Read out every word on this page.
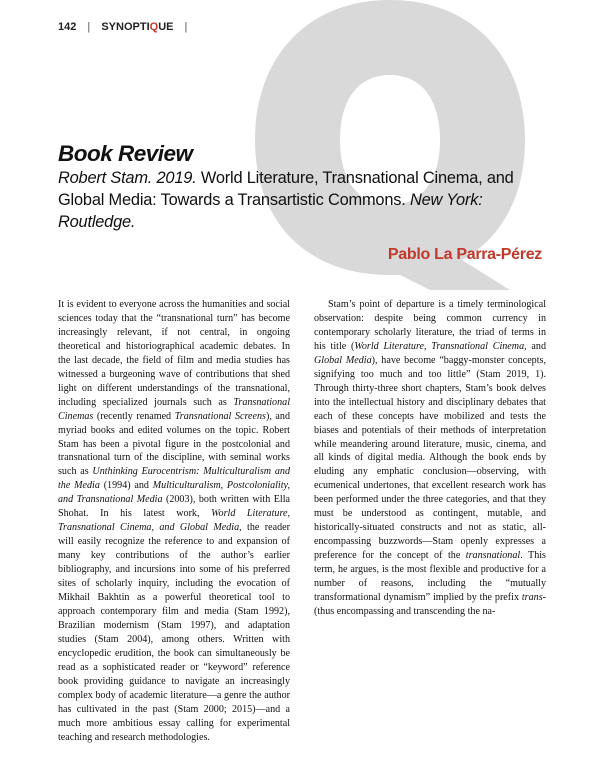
142 | SYNOPTIQUE |
Book Review
Robert Stam. 2019. World Literature, Transnational Cinema, and Global Media: Towards a Transartistic Commons. New York: Routledge.
Pablo La Parra-Pérez

It is evident to everyone across the humanities and social sciences today that the “transnational turn” has become increasingly relevant, if not central, in ongoing theoretical and historiographical academic debates. In the last decade, the field of film and media studies has witnessed a burgeoning wave of contributions that shed light on different understandings of the transnational, including specialized journals such as Transnational Cinemas (recently renamed Transnational Screens), and myriad books and edited volumes on the topic. Robert Stam has been a pivotal figure in the postcolonial and transnational turn of the discipline, with seminal works such as Unthinking Eurocentrism: Multiculturalism and the Media (1994) and Multiculturalism, Postcoloniality, and Transnational Media (2003), both written with Ella Shohat. In his latest work, World Literature, Transnational Cinema, and Global Media, the reader will easily recognize the reference to and expansion of many key contributions of the author’s earlier bibliography, and incursions into some of his preferred sites of scholarly inquiry, including the evocation of Mikhail Bakhtin as a powerful theoretical tool to approach contemporary film and media (Stam 1992), Brazilian modernism (Stam 1997), and adaptation studies (Stam 2004), among others. Written with encyclopedic erudition, the book can simultaneously be read as a sophisticated reader or “keyword” reference book providing guidance to navigate an increasingly complex body of academic literature—a genre the author has cultivated in the past (Stam 2000; 2015)—and a much more ambitious essay calling for experimental teaching and research methodologies.

Stam’s point of departure is a timely terminological observation: despite being common currency in contemporary scholarly literature, the triad of terms in his title (World Literature, Transnational Cinema, and Global Media), have become “baggy-monster concepts, signifying too much and too little” (Stam 2019, 1). Through thirty-three short chapters, Stam’s book delves into the intellectual history and disciplinary debates that each of these concepts have mobilized and tests the biases and potentials of their methods of interpretation while meandering around literature, music, cinema, and all kinds of digital media. Although the book ends by eluding any emphatic conclusion—observing, with ecumenical undertones, that excellent research work has been performed under the three categories, and that they must be understood as contingent, mutable, and historically-situated constructs and not as static, all-encompassing buzzwords—Stam openly expresses a preference for the concept of the transnational. This term, he argues, is the most flexible and productive for a number of reasons, including the “mutually transformational dynamism” implied by the prefix trans- (thus encompassing and transcending the na-
